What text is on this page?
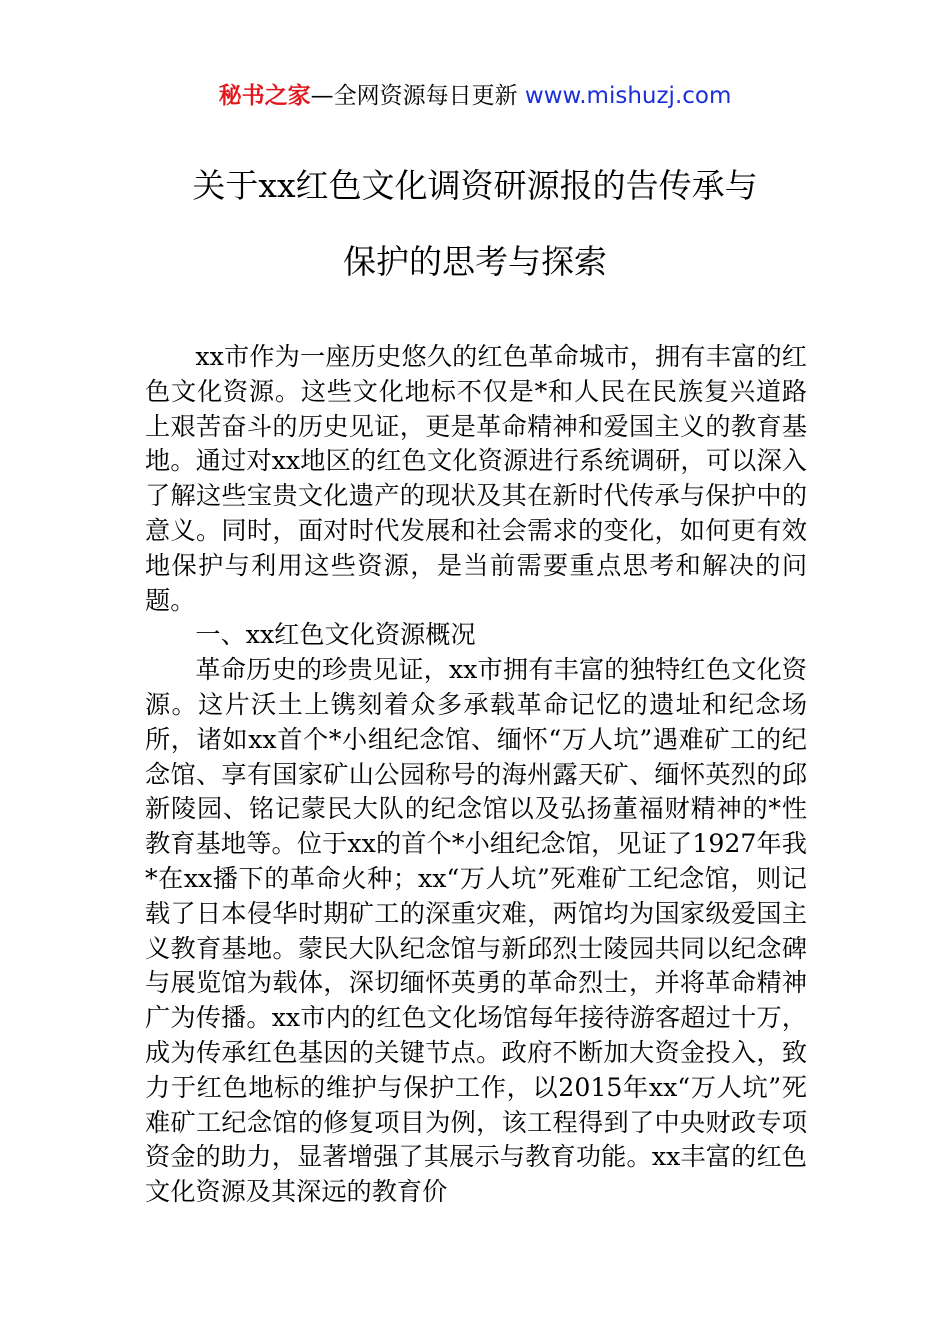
秘书之家—全网资源每日更新 www.mishuzj.com
关于xx红色文化调资研源报的告传承与
保护的思考与探索

xx市作为一座历史悠久的红色革命城市，拥有丰富的红色文化资源。这些文化地标不仅是*和人民在民族复兴道路上艰苦奋斗的历史见证，更是革命精神和爱国主义的教育基地。通过对xx地区的红色文化资源进行系统调研，可以深入了解这些宝贵文化遗产的现状及其在新时代传承与保护中的意义。同时，面对时代发展和社会需求的变化，如何更有效地保护与利用这些资源，是当前需要重点思考和解决的问题。

一、xx红色文化资源概况

革命历史的珍贵见证，xx市拥有丰富的独特红色文化资源。这片沃土上镌刻着众多承载革命记忆的遗址和纪念场所，诸如xx首个*小组纪念馆、缅怀“万人坑”遇难矿工的纪念馆、享有国家矿山公园称号的海州露天矿、缅怀英烈的邱新陵园、铭记蒙民大队的纪念馆以及弘扬董福财精神的*性教育基地等。位于xx的首个*小组纪念馆，见证了1927年我*在xx播下的革命火种；xx“万人坑”死难矿工纪念馆，则记载了日本侵华时期矿工的深重灾难，两馆均为国家级爱国主义教育基地。蒙民大队纪念馆与新邱烈士陵园共同以纪念碑与展览馆为载体，深切缅怀英勇的革命烈士，并将革命精神广为传播。xx市内的红色文化场馆每年接待游客超过十万，成为传承红色基因的关键节点。政府不断加大资金投入，致力于红色地标的维护与保护工作，以2015年xx“万人坑”死难矿工纪念馆的修复项目为例，该工程得到了中央财政专项资金的助力，显著增强了其展示与教育功能。xx丰富的红色文化资源及其深远的教育价
